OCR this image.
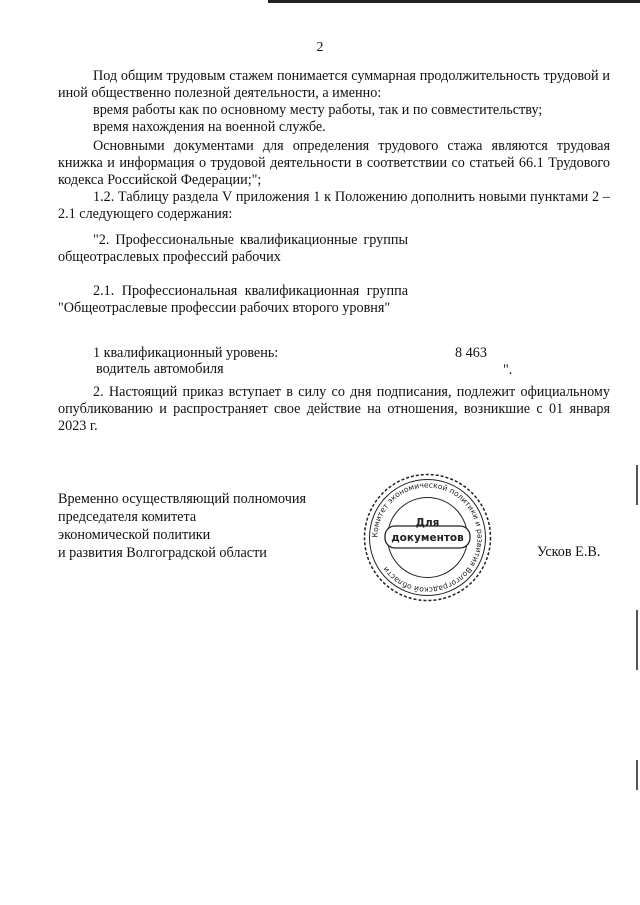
2

Под общим трудовым стажем понимается суммарная продолжительность трудовой и иной общественно полезной деятельности, а именно:

время работы как по основному месту работы, так и по совместительству;

время нахождения на военной службе.

Основными документами для определения трудового стажа являются трудовая книжка и информация о трудовой деятельности в соответствии со статьей 66.1 Трудового кодекса Российской Федерации;";

1.2. Таблицу раздела V приложения 1 к Положению дополнить новыми пунктами 2 – 2.1 следующего содержания:

"2. Профессиональные квалификационные группы общеотраслевых профессий рабочих

2.1. Профессиональная квалификационная группа "Общеотраслевые профессии рабочих второго уровня"

1 квалификационный уровень:

водитель автомобиля

8 463

".

2. Настоящий приказ вступает в силу со дня подписания, подлежит официальному опубликованию и распространяет свое действие на отношения, возникшие с 01 января 2023 г.

Временно осуществляющий полномочия
председателя комитета
экономической политики
и развития Волгоградской области
Комитет экономической политики и развития Волгоградской области
Для
документов
Усков Е.В.
